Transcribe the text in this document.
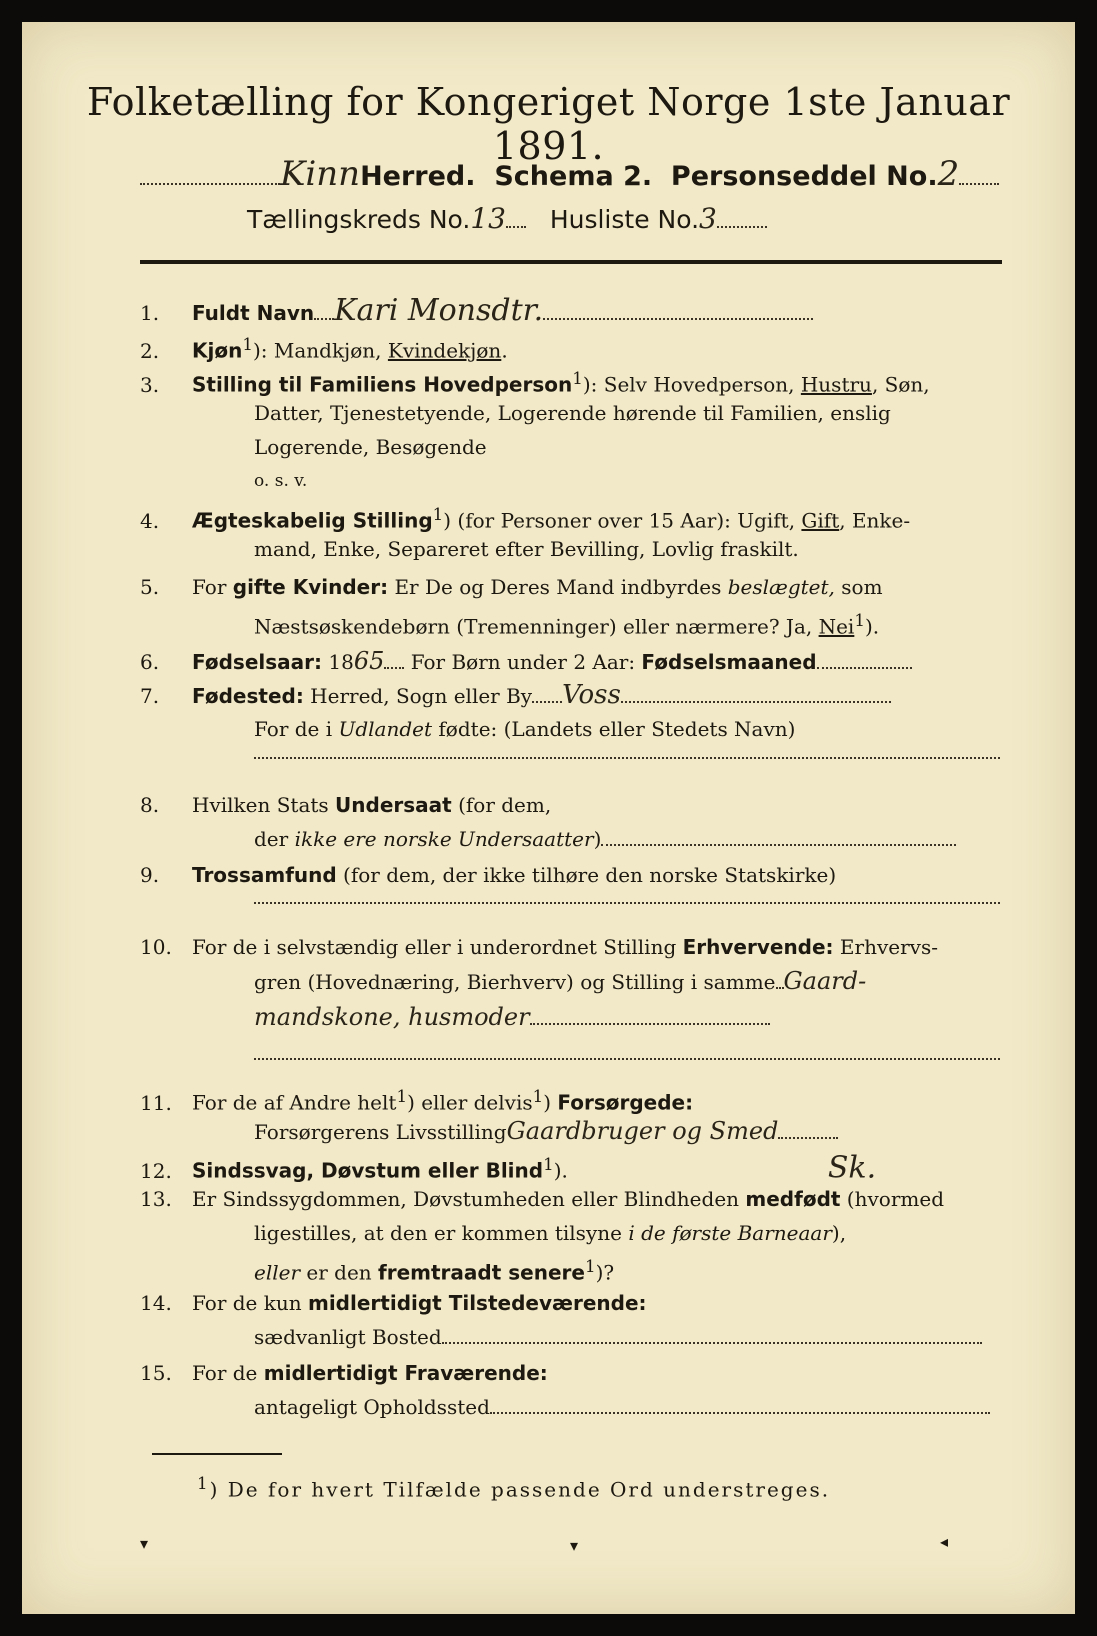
Folketælling for Kongeriget Norge 1ste Januar 1891.
KinnHerred. Schema 2. Personseddel No.2
Tællingskreds No.13 Husliste No.3
1. Fuldt Navn Kari Monsdtr.
2. Kjøn$^1$): Mandkjøn, Kvindekjøn.
3. Stilling til Familiens Hovedperson$^1$): Selv Hovedperson, Hustru, Søn,
Datter, Tjenestetyende, Logerende hørende til Familien, enslig
Logerende, Besøgende
o. s. v.
4. Ægteskabelig Stilling$^1$) (for Personer over 15 Aar): Ugift, Gift, Enke-
mand, Enke, Separeret efter Bevilling, Lovlig fraskilt.
5. For gifte Kvinder: Er De og Deres Mand indbyrdes beslægtet, som
Næstsøskendebørn (Tremenninger) eller nærmere? Ja, Nei$^1$).
6. Fødselsaar: 1865 For Børn under 2 Aar: Fødselsmaaned
7. Fødested: Herred, Sogn eller By Voss
For de i Udlandet fødte: (Landets eller Stedets Navn)
8. Hvilken Stats Undersaat (for dem,
der ikke ere norske Undersaatter)
9. Trossamfund (for dem, der ikke tilhøre den norske Statskirke)
10. For de i selvstændig eller i underordnet Stilling Erhvervende: Erhvervs-
gren (Hovednæring, Bierhverv) og Stilling i samme Gaard-
mandskone, husmoder
11. For de af Andre helt$^1$) eller delvis$^1$) Forsørgede:
Forsørgerens LivsstillingGaardbruger og Smed
12. Sindssvag, Døvstum eller Blind$^1$).	Sk.
13. Er Sindssygdommen, Døvstumheden eller Blindheden medfødt (hvormed
ligestilles, at den er kommen tilsyne i de første Barneaar),
eller er den fremtraadt senere$^1$)?
14. For de kun midlertidigt Tilstedeværende:
sædvanligt Bosted
15. For de midlertidigt Fraværende:
antageligt Opholdssted
$^1$) De for hvert Tilfælde passende Ord understreges.
▾	▾	◂
